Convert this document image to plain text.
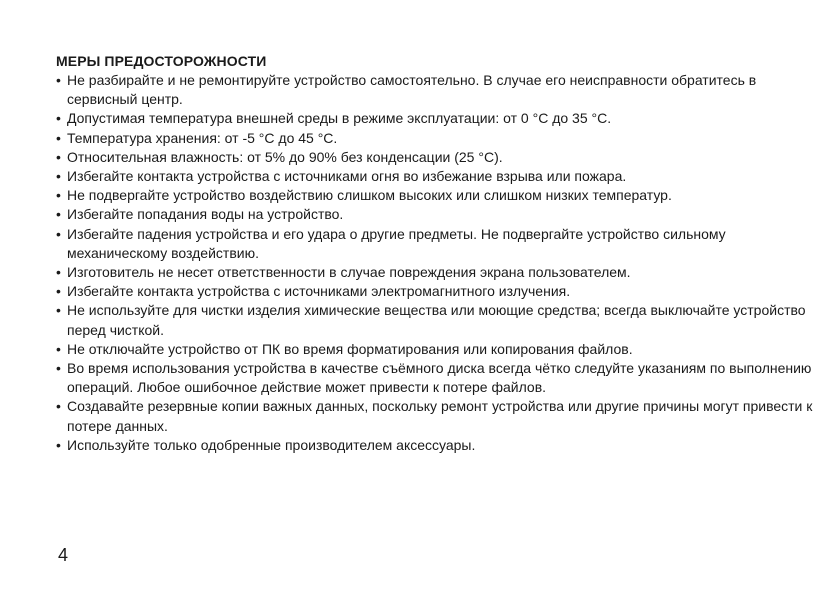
МЕРЫ ПРЕДОСТОРОЖНОСТИ
• Не разбирайте и не ремонтируйте устройство самостоятельно. В случае его неисправности обратитесь в сервисный центр.
• Допустимая температура внешней среды в режиме эксплуатации: от 0 °С до 35 °С.
• Температура хранения: от -5 °С до 45 °С.
• Относительная влажность: от 5% до 90% без конденсации (25 °С).
• Избегайте контакта устройства с источниками огня во избежание взрыва или пожара.
• Не подвергайте устройство воздействию слишком высоких или слишком низких температур.
• Избегайте попадания воды на устройство.
• Избегайте падения устройства и его удара о другие предметы. Не подвергайте устройство сильному механическому воздействию.
• Изготовитель не несет ответственности в случае повреждения экрана пользователем.
• Избегайте контакта устройства с источниками электромагнитного излучения.
• Не используйте для чистки изделия химические вещества или моющие средства; всегда выключайте устройство перед чисткой.
• Не отключайте устройство от ПК во время форматирования или копирования файлов.
• Во время использования устройства в качестве съёмного диска всегда чётко следуйте указаниям по выполнению операций. Любое ошибочное действие может привести к потере файлов.
• Создавайте резервные копии важных данных, поскольку ремонт устройства или другие причины могут привести к потере данных.
• Используйте только одобренные производителем аксессуары.
4
